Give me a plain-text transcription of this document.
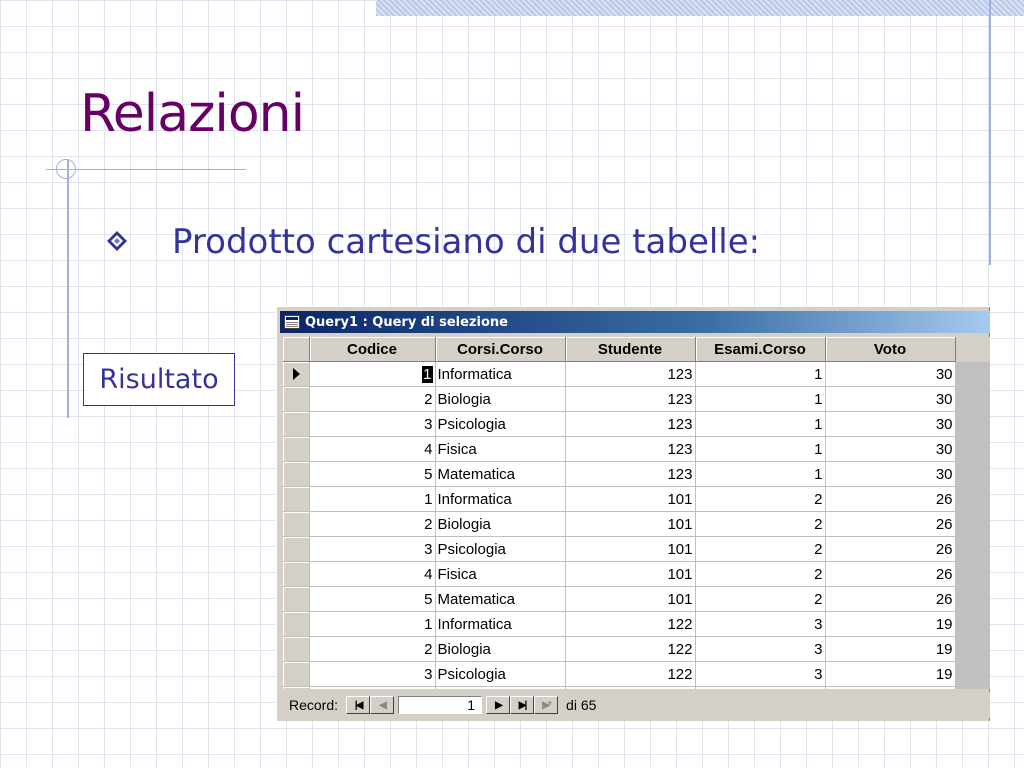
Relazioni
Prodotto cartesiano di due tabelle:
Risultato
Query1 : Query di selezione
	Codice	Corsi.Corso	Studente	Esami.Corso	Voto	

	1	Informatica	123	1	30	
	2	Biologia	123	1	30	
	3	Psicologia	123	1	30	
	4	Fisica	123	1	30	
	5	Matematica	123	1	30	
	1	Informatica	101	2	26	
	2	Biologia	101	2	26	
	3	Psicologia	101	2	26	
	4	Fisica	101	2	26	
	5	Matematica	101	2	26	
	1	Informatica	122	3	19	
	2	Biologia	122	3	19	
	3	Psicologia	122	3	19	

Record: |◀ ◀	1	▶ ▶| ▶* di 65
